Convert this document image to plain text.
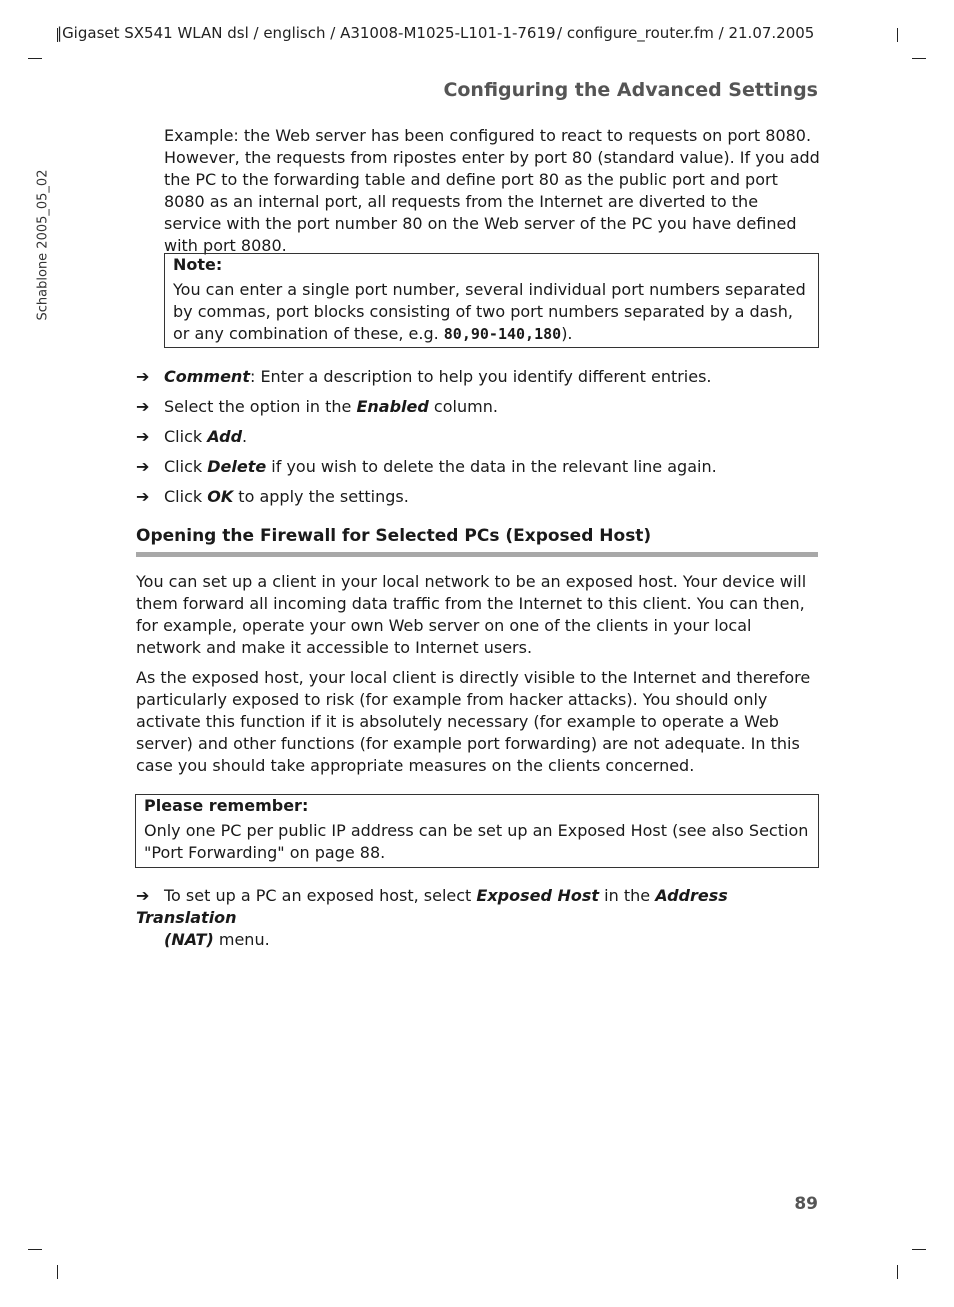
|Gigaset SX541 WLAN dsl / englisch / A31008-M1025-L101-1-7619 / configure_router.fm / 21.07.2005
Configuring the Advanced Settings
Schablone 2005_05_02
Example: the Web server has been configured to react to requests on port 8080. However, the requests from ripostes enter by port 80 (standard value). If you add the PC to the forwarding table and define port 80 as the public port and port 8080 as an internal port, all requests from the Internet are diverted to the service with the port number 80 on the Web server of the PC you have defined with port 8080.
Note:
You can enter a single port number, several individual port numbers separated by commas, port blocks consisting of two port numbers separated by a dash, or any combination of these, e.g. 80,90-140,180).
➔ Comment: Enter a description to help you identify different entries.
➔ Select the option in the Enabled column.
➔ Click Add.
➔ Click Delete if you wish to delete the data in the relevant line again.
➔ Click OK to apply the settings.
Opening the Firewall for Selected PCs (Exposed Host)
You can set up a client in your local network to be an exposed host. Your device will them forward all incoming data traffic from the Internet to this client. You can then, for example, operate your own Web server on one of the clients in your local network and make it accessible to Internet users.
As the exposed host, your local client is directly visible to the Internet and therefore particularly exposed to risk (for example from hacker attacks). You should only activate this function if it is absolutely necessary (for example to operate a Web server) and other functions (for example port forwarding) are not adequate. In this case you should take appropriate measures on the clients concerned.
Please remember:
Only one PC per public IP address can be set up an Exposed Host (see also Section "Port Forwarding" on page 88.
➔ To set up a PC an exposed host, select Exposed Host in the Address Translation
(NAT) menu.
89
